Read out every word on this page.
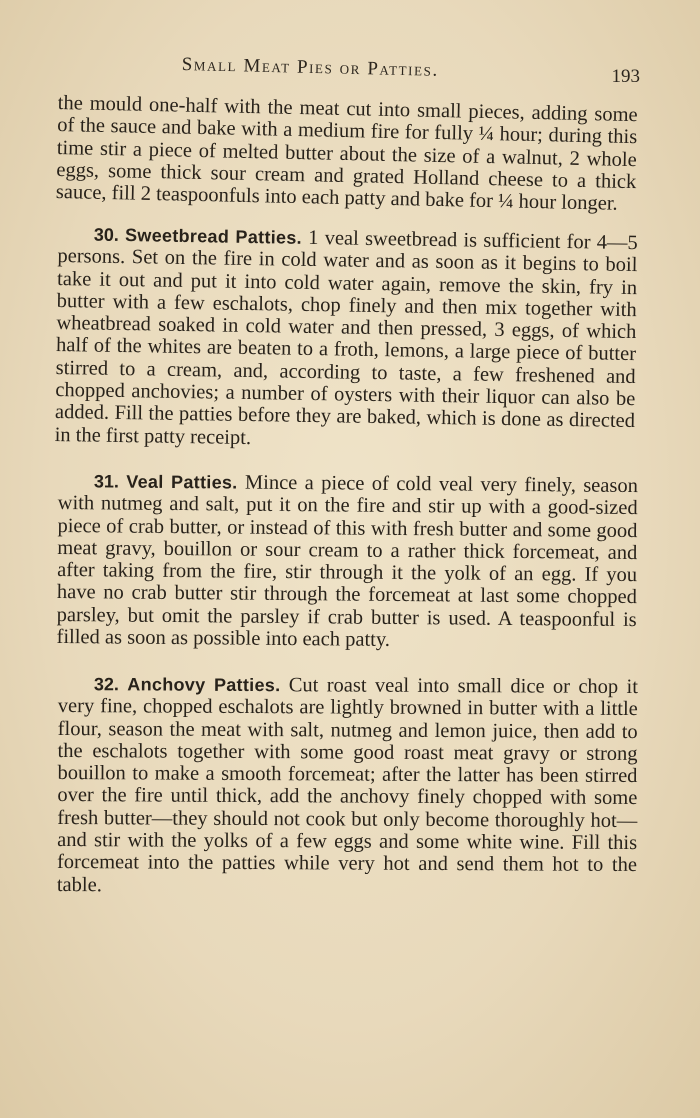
Small Meat Pies or Patties.	193

the mould one-half with the meat cut into small pieces, adding some of the sauce and bake with a medium fire for fully ¼ hour; during this time stir a piece of melted butter about the size of a walnut, 2 whole eggs, some thick sour cream and grated Holland cheese to a thick sauce, fill 2 teaspoonfuls into each patty and bake for ¼ hour longer.

30. Sweetbread Patties. 1 veal sweetbread is sufficient for 4—5 persons. Set on the fire in cold water and as soon as it begins to boil take it out and put it into cold water again, remove the skin, fry in butter with a few eschalots, chop finely and then mix together with wheatbread soaked in cold water and then pressed, 3 eggs, of which half of the whites are beaten to a froth, lemons, a large piece of butter stirred to a cream, and, according to taste, a few freshened and chopped anchovies; a number of oysters with their liquor can also be added. Fill the patties before they are baked, which is done as directed in the first patty receipt.

31. Veal Patties. Mince a piece of cold veal very finely, season with nutmeg and salt, put it on the fire and stir up with a good-sized piece of crab butter, or instead of this with fresh butter and some good meat gravy, bouillon or sour cream to a rather thick forcemeat, and after taking from the fire, stir through it the yolk of an egg. If you have no crab butter stir through the forcemeat at last some chopped parsley, but omit the parsley if crab butter is used. A teaspoonful is filled as soon as possible into each patty.

32. Anchovy Patties. Cut roast veal into small dice or chop it very fine, chopped eschalots are lightly browned in butter with a little flour, season the meat with salt, nutmeg and lemon juice, then add to the eschalots together with some good roast meat gravy or strong bouillon to make a smooth forcemeat; after the latter has been stirred over the fire until thick, add the anchovy finely chopped with some fresh butter—they should not cook but only become thoroughly hot—and stir with the yolks of a few eggs and some white wine. Fill this forcemeat into the patties while very hot and send them hot to the table.
